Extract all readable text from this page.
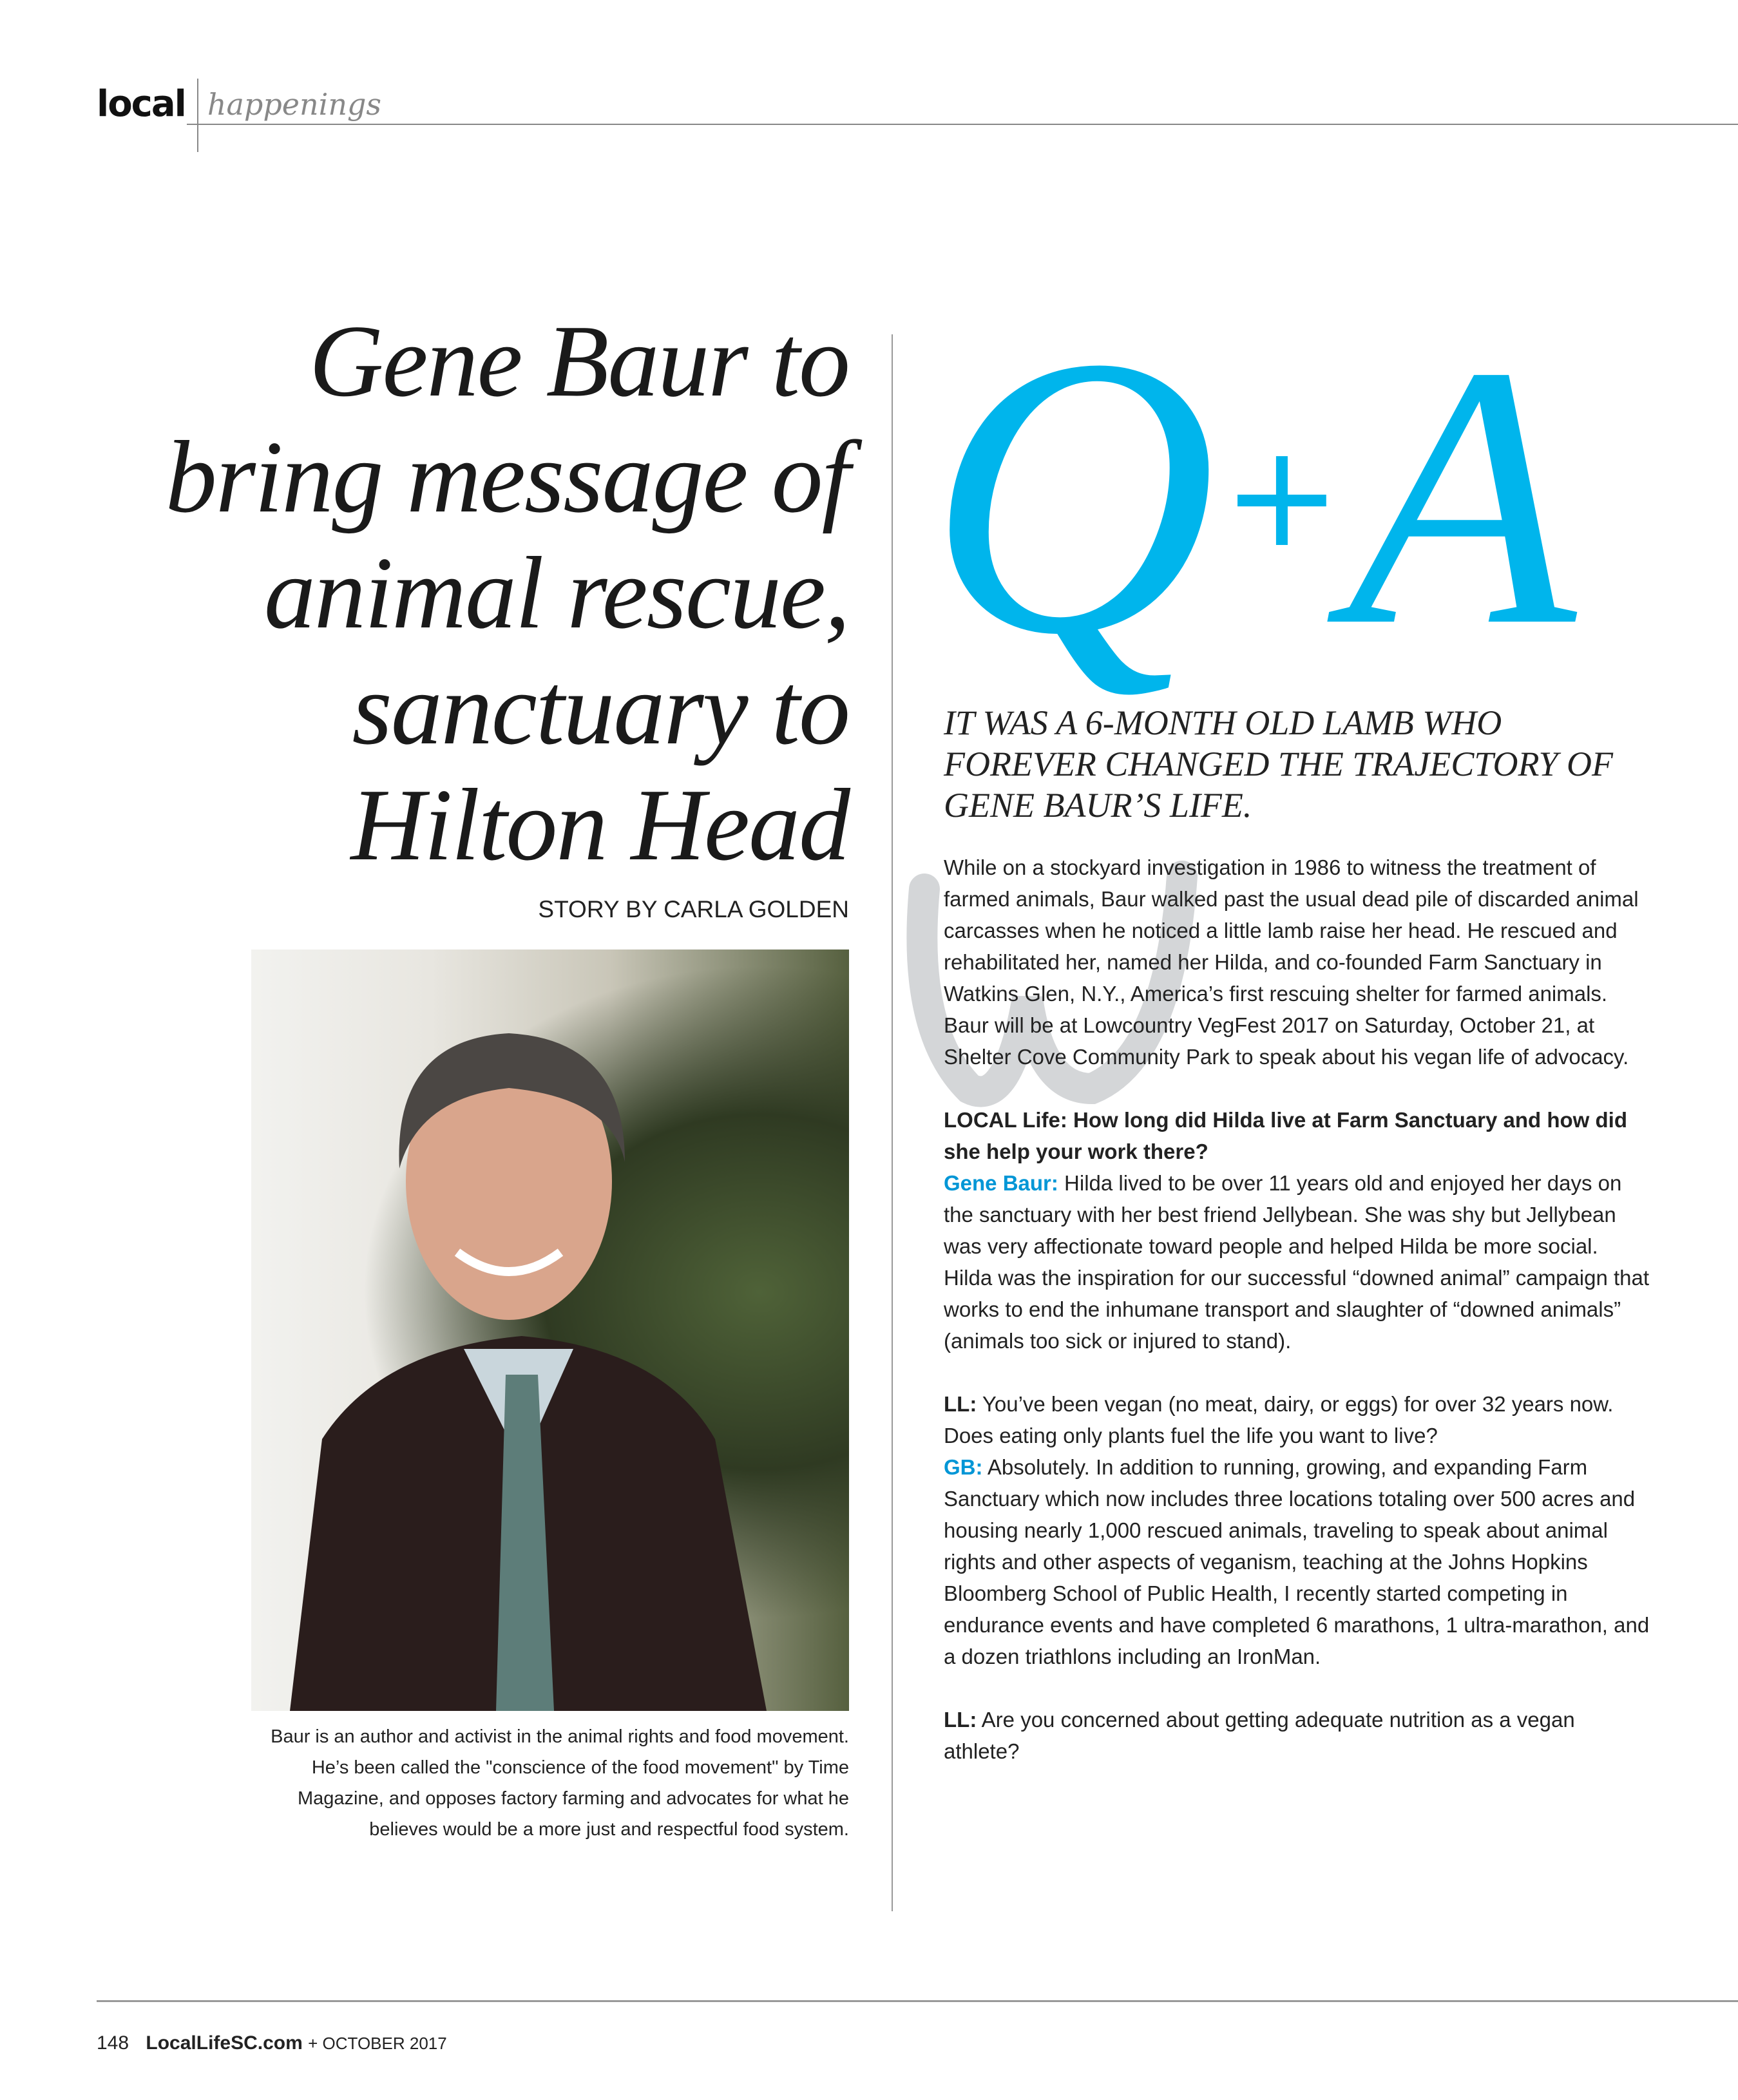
local happenings
Gene Baur to bring message of animal rescue, sanctuary to Hilton Head
STORY BY CARLA GOLDEN
Baur is an author and activist in the animal rights and food movement. He’s been called the "conscience of the food movement" by Time Magazine, and opposes factory farming and advocates for what he believes would be a more just and respectful food system.
Q + A
IT WAS A 6-MONTH OLD LAMB WHO FOREVER CHANGED THE TRAJECTORY OF GENE BAUR’S LIFE.

While on a stockyard investigation in 1986 to witness the treatment of farmed animals, Baur walked past the usual dead pile of discarded animal carcasses when he noticed a little lamb raise her head. He rescued and rehabilitated her, named her Hilda, and co-founded Farm Sanctuary in Watkins Glen, N.Y., America’s first rescuing shelter for farmed animals. Baur will be at Lowcountry VegFest 2017 on Saturday, October 21, at Shelter Cove Community Park to speak about his vegan life of advocacy.

LOCAL Life: How long did Hilda live at Farm Sanctuary and how did she help your work there?
Gene Baur: Hilda lived to be over 11 years old and enjoyed her days on the sanctuary with her best friend Jellybean. She was shy but Jellybean was very affectionate toward people and helped Hilda be more social. Hilda was the inspiration for our successful “downed animal” campaign that works to end the inhumane transport and slaughter of “downed animals” (animals too sick or injured to stand).

LL: You’ve been vegan (no meat, dairy, or eggs) for over 32 years now. Does eating only plants fuel the life you want to live?
GB: Absolutely. In addition to running, growing, and expanding Farm Sanctuary which now includes three locations totaling over 500 acres and housing nearly 1,000 rescued animals, traveling to speak about animal rights and other aspects of veganism, teaching at the Johns Hopkins Bloomberg School of Public Health, I recently started competing in endurance events and have completed 6 marathons, 1 ultra-marathon, and a dozen triathlons including an IronMan.

LL: Are you concerned about getting adequate nutrition as a vegan athlete?

148 LocalLifeSC.com + OCTOBER 2017
